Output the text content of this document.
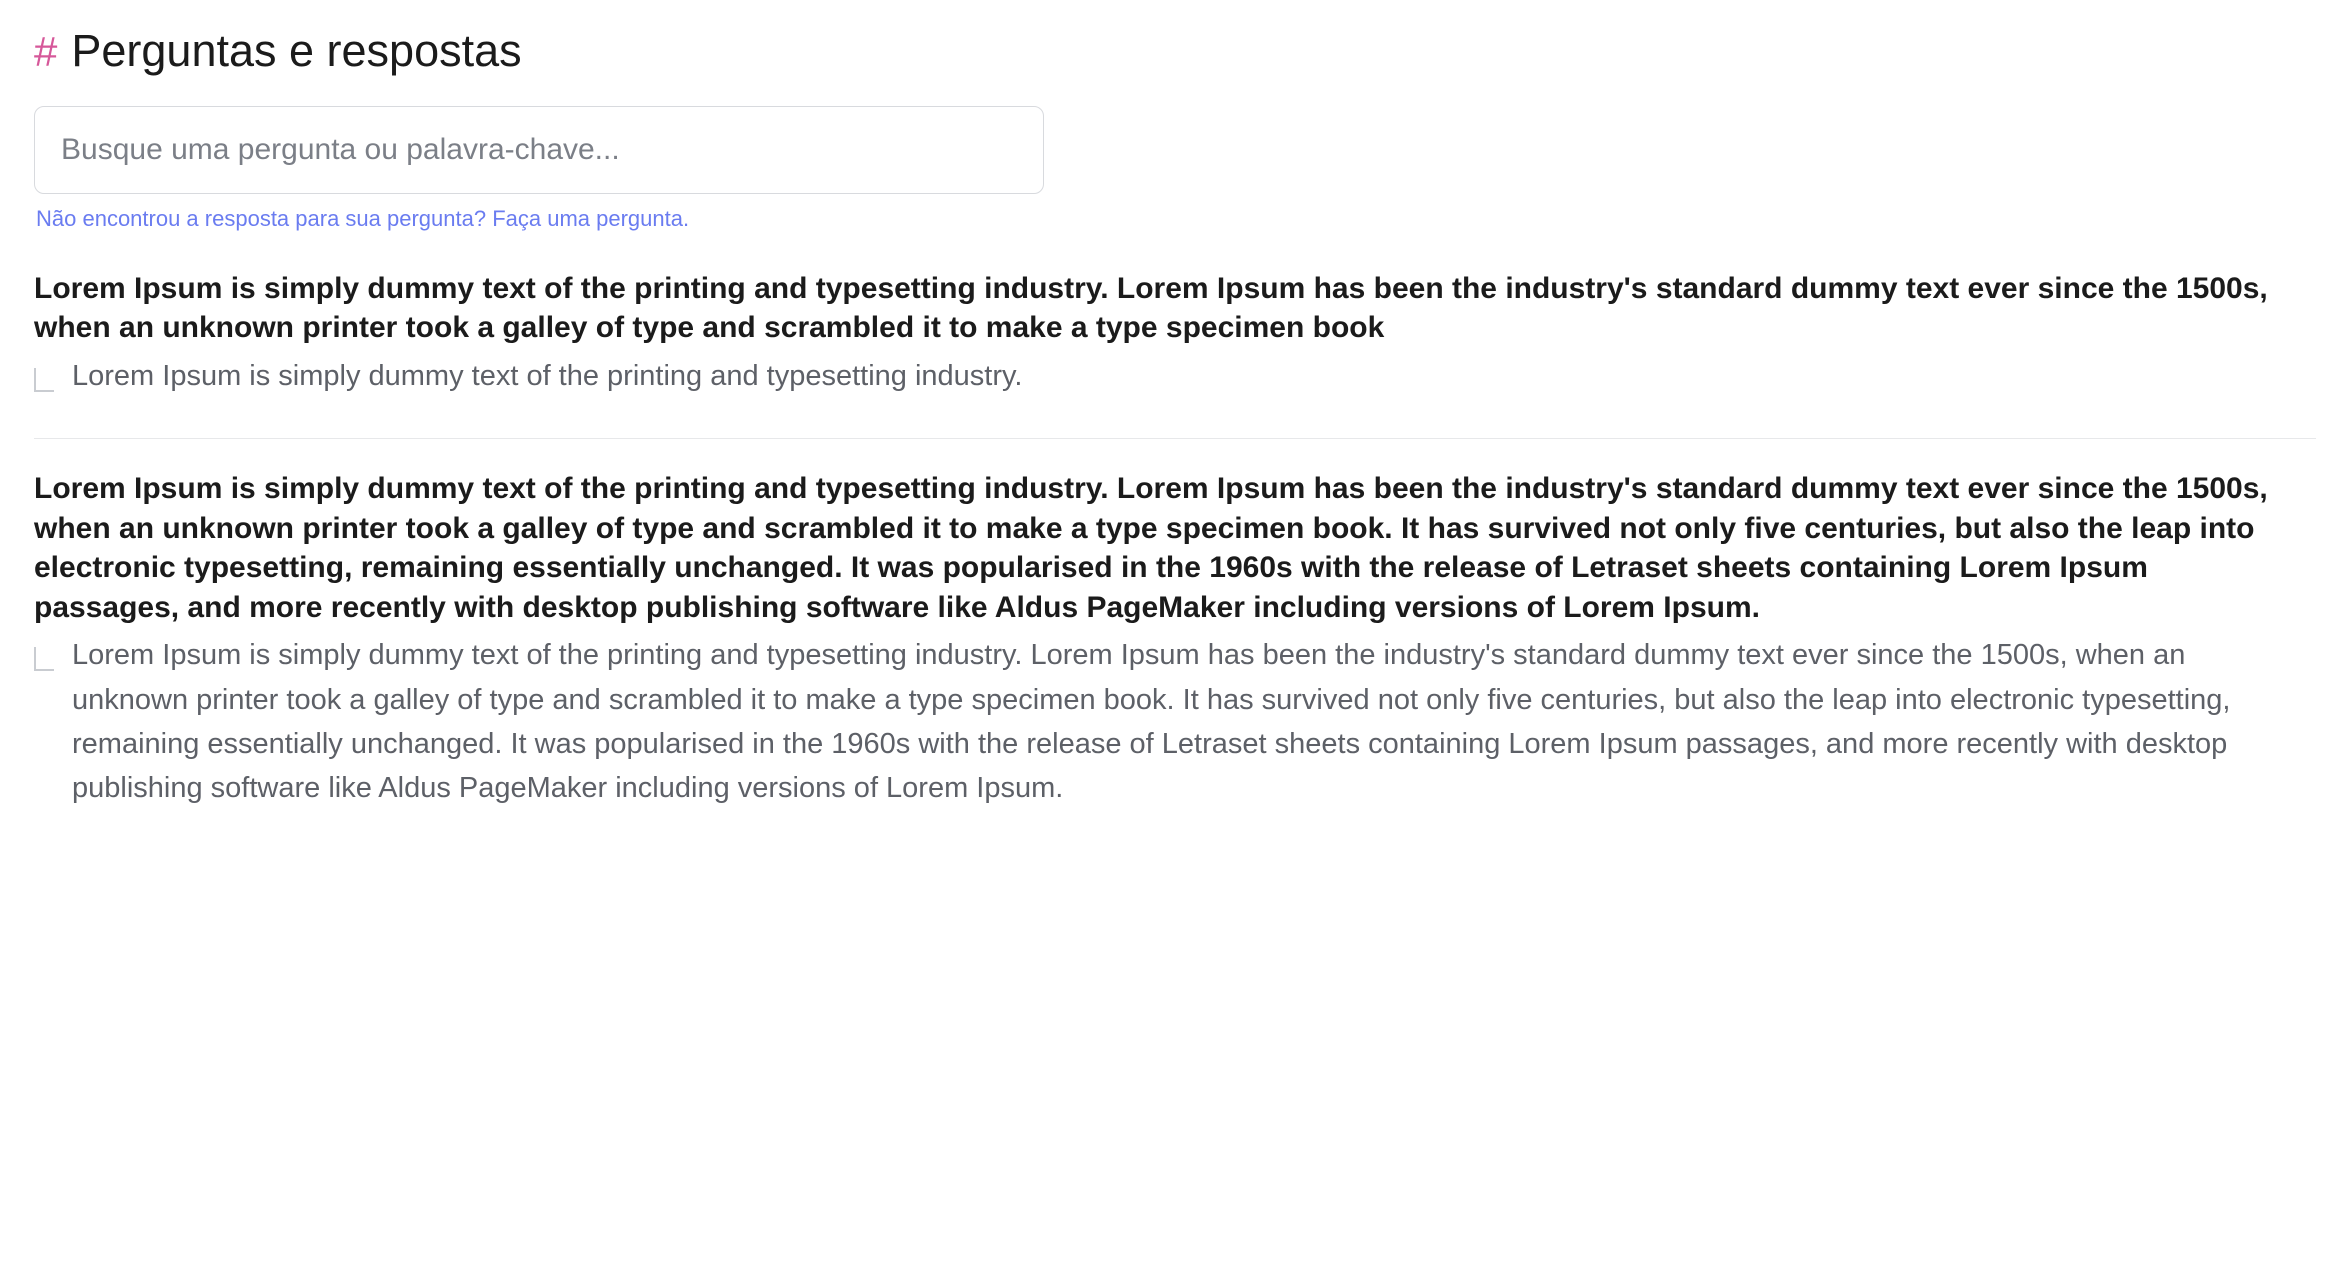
# Perguntas e respostas
Busque uma pergunta ou palavra-chave...

Não encontrou a resposta para sua pergunta? Faça uma pergunta.

Lorem Ipsum is simply dummy text of the printing and typesetting industry. Lorem Ipsum has been the industry's standard dummy text ever since the 1500s, when an unknown printer took a galley of type and scrambled it to make a type specimen book

Lorem Ipsum is simply dummy text of the printing and typesetting industry.

Lorem Ipsum is simply dummy text of the printing and typesetting industry. Lorem Ipsum has been the industry's standard dummy text ever since the 1500s, when an unknown printer took a galley of type and scrambled it to make a type specimen book. It has survived not only five centuries, but also the leap into electronic typesetting, remaining essentially unchanged. It was popularised in the 1960s with the release of Letraset sheets containing Lorem Ipsum passages, and more recently with desktop publishing software like Aldus PageMaker including versions of Lorem Ipsum.

Lorem Ipsum is simply dummy text of the printing and typesetting industry. Lorem Ipsum has been the industry's standard dummy text ever since the 1500s, when an unknown printer took a galley of type and scrambled it to make a type specimen book. It has survived not only five centuries, but also the leap into electronic typesetting, remaining essentially unchanged. It was popularised in the 1960s with the release of Letraset sheets containing Lorem Ipsum passages, and more recently with desktop publishing software like Aldus PageMaker including versions of Lorem Ipsum.
